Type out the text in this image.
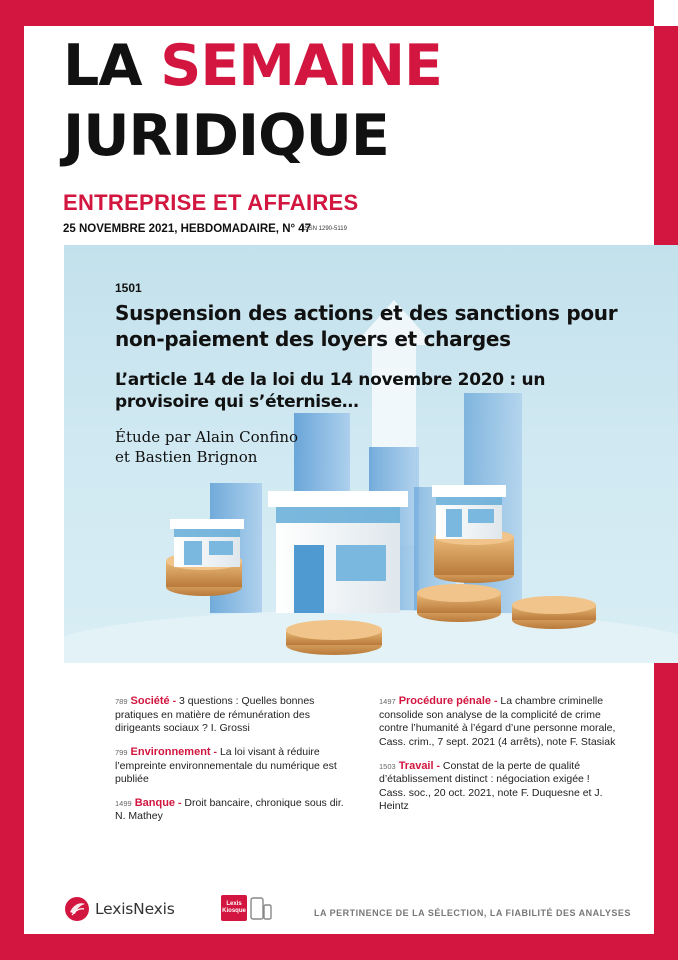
LA SEMAINE
JURIDIQUE
ENTREPRISE ET AFFAIRES
25 NOVEMBRE 2021, HEBDOMADAIRE, N° 47
ISSN 1290-5119
1501
Suspension des actions et des sanctions pour non-paiement des loyers et charges
L’article 14 de la loi du 14 novembre 2020 : un provisoire qui s’éternise…
Étude par Alain Confino
et Bastien Brignon
789 Société - 3 questions : Quelles bonnes pratiques en matière de rémunération des dirigeants sociaux ? I. Grossi
799 Environnement - La loi visant à réduire l’empreinte environnementale du numérique est publiée
1499 Banque - Droit bancaire, chronique sous dir. N. Mathey
1497 Procédure pénale - La chambre criminelle consolide son analyse de la complicité de crime contre l’humanité à l’égard d’une personne morale, Cass. crim., 7 sept. 2021 (4 arrêts), note F. Stasiak
1503 Travail - Constat de la perte de qualité d’établissement distinct : négociation exigée ! Cass. soc., 20 oct. 2021, note F. Duquesne et J. Heintz
LexisNexis	Lexis
Kiosque	LA PERTINENCE DE LA SÉLECTION, LA FIABILITÉ DES ANALYSES
